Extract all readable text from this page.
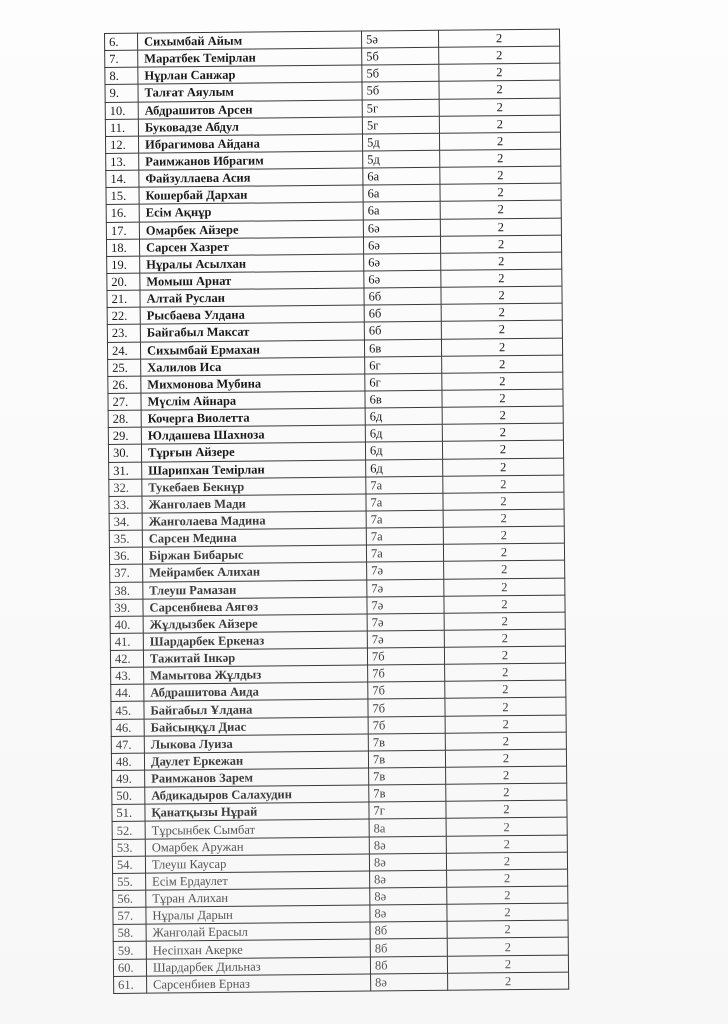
6.	Сихымбай Айым	5ә	2
7.	Маратбек Темірлан	5б	2
8.	Нұрлан Санжар	5б	2
9.	Талғат Аяулым	5б	2
10.	Абдрашитов Арсен	5г	2
11.	Буковадзе Абдул	5г	2
12.	Ибрагимова Айдана	5д	2
13.	Раимжанов Ибрагим	5д	2
14.	Файзуллаева Асия	6а	2
15.	Кошербай Дархан	6а	2
16.	Есім Ақнұр	6а	2
17.	Омарбек Айзере	6ә	2
18.	Сарсен Хазрет	6ә	2
19.	Нұралы Асылхан	6ә	2
20.	Момыш Арнат	6ә	2
21.	Алтай Руслан	6б	2
22.	Рысбаева Улдана	6б	2
23.	Байгабыл Максат	6б	2
24.	Сихымбай Ермахан	6в	2
25.	Халилов Иса	6г	2
26.	Михмонова Мубина	6г	2
27.	Мүслім Айнара	6в	2
28.	Кочерга Виолетта	6д	2
29.	Юлдашева Шахноза	6д	2
30.	Тұрғын Айзере	6д	2
31.	Шарипхан Темірлан	6д	2
32.	Тукебаев Бекнұр	7а	2
33.	Жанголаев Мади	7а	2
34.	Жанголаева Мадина	7а	2
35.	Сарсен Медина	7а	2
36.	Біржан Бибарыс	7а	2
37.	Мейрамбек Алихан	7ә	2
38.	Тлеуш Рамазан	7ә	2
39.	Сарсенбиева Аягөз	7ә	2
40.	Жұлдызбек Айзере	7ә	2
41.	Шардарбек Еркеназ	7ә	2
42.	Тажитай Інкәр	7б	2
43.	Мамытова Жұлдыз	7б	2
44.	Абдрашитова Аида	7б	2
45.	Байгабыл Ұлдана	7б	2
46.	Байсыңқұл Диас	7б	2
47.	Лыкова Луиза	7в	2
48.	Даулет Еркежан	7в	2
49.	Раимжанов Зарем	7в	2
50.	Абдикадыров Салахудин	7в	2
51.	Қанатқызы Нұрай	7г	2
52.	Тұрсынбек Сымбат	8а	2
53.	Омарбек Аружан	8ә	2
54.	Тлеуш Каусар	8ә	2
55.	Есім Ердаулет	8ә	2
56.	Тұран Алихан	8ә	2
57.	Нұралы Дарын	8ә	2
58.	Жанголай Ерасыл	8б	2
59.	Несіпхан Акерке	8б	2
60.	Шардарбек Дильназ	8б	2
61.	Сарсенбиев Ерназ	8ә	2
